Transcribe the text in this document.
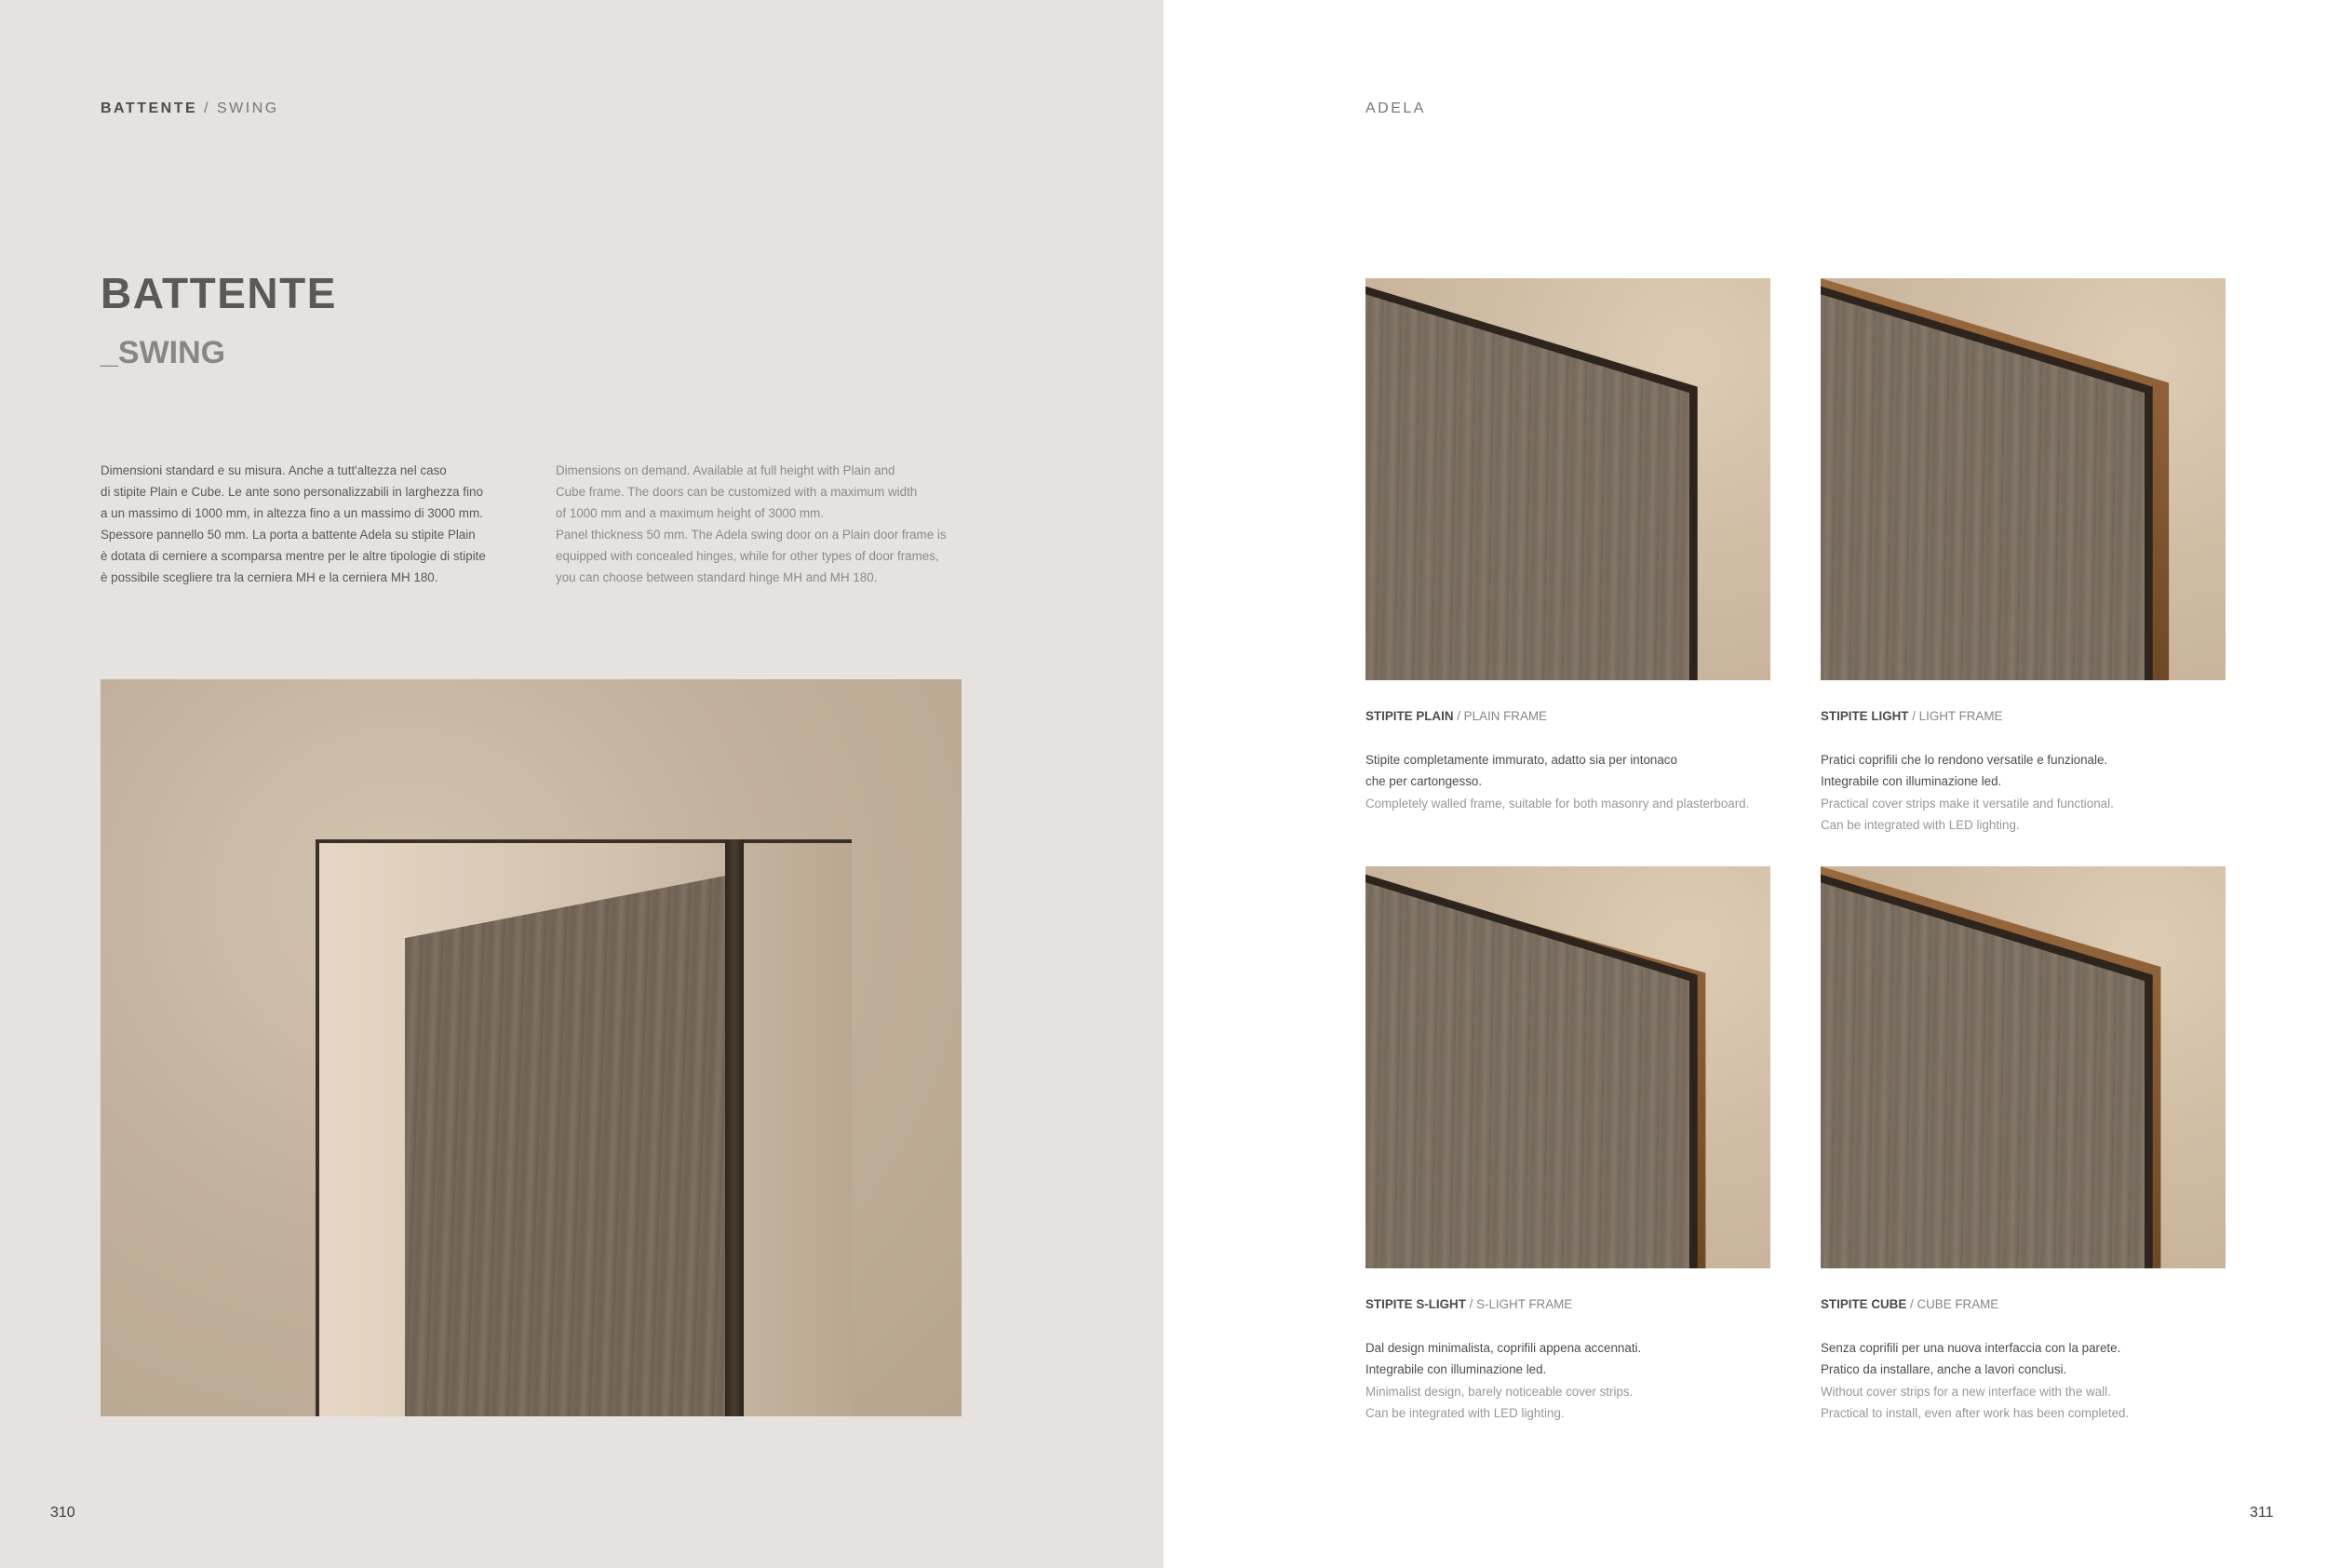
BATTENTE / SWING
BATTENTE
_SWING

Dimensioni standard e su misura. Anche a tutt'altezza nel caso
di stipite Plain e Cube. Le ante sono personalizzabili in larghezza fino
a un massimo di 1000 mm, in altezza fino a un massimo di 3000 mm.
Spessore pannello 50 mm. La porta a battente Adela su stipite Plain
è dotata di cerniere a scomparsa mentre per le altre tipologie di stipite
è possibile scegliere tra la cerniera MH e la cerniera MH 180.

Dimensions on demand. Available at full height with Plain and
Cube frame. The doors can be customized with a maximum width
of 1000 mm and a maximum height of 3000 mm.
Panel thickness 50 mm. The Adela swing door on a Plain door frame is
equipped with concealed hinges, while for other types of door frames,
you can choose between standard hinge MH and MH 180.

310
ADELA

STIPITE PLAIN / PLAIN FRAME

Stipite completamente immurato, adatto sia per intonaco
che per cartongesso.

Completely walled frame, suitable for both masonry and plasterboard.

STIPITE LIGHT / LIGHT FRAME

Pratici coprifili che lo rendono versatile e funzionale.
Integrabile con illuminazione led.

Practical cover strips make it versatile and functional.
Can be integrated with LED lighting.

STIPITE S-LIGHT / S-LIGHT FRAME

Dal design minimalista, coprifili appena accennati.
Integrabile con illuminazione led.

Minimalist design, barely noticeable cover strips.
Can be integrated with LED lighting.

STIPITE CUBE / CUBE FRAME

Senza coprifili per una nuova interfaccia con la parete.
Pratico da installare, anche a lavori conclusi.

Without cover strips for a new interface with the wall.
Practical to install, even after work has been completed.

311
